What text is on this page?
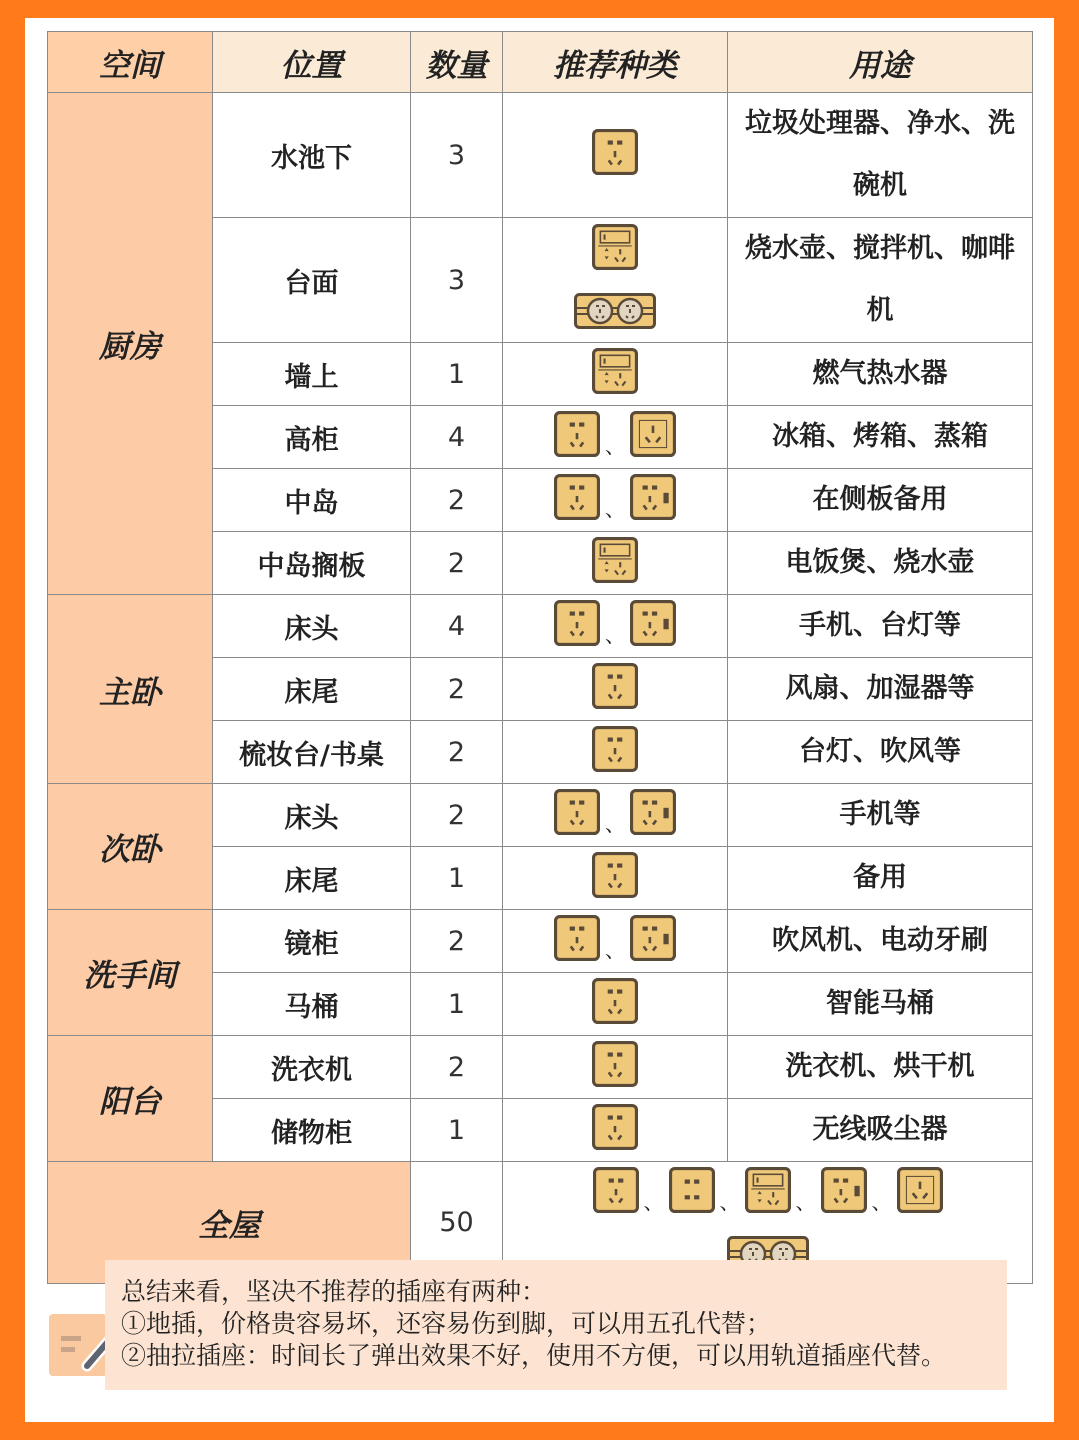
空间	位置	数量	推荐种类	用途
厨房	水池下	3		垃圾处理器、净水、洗碗机
	台面	3		烧水壶、搅拌机、咖啡机
	墙上	1		燃气热水器
	高柜	4	、	冰箱、烤箱、蒸箱
	中岛	2	、	在侧板备用
	中岛搁板	2		电饭煲、烧水壶
主卧	床头	4	、	手机、台灯等
	床尾	2		风扇、加湿器等
	梳妆台/书桌	2		台灯、吹风等
次卧	床头	2	、	手机等
	床尾	1		备用
洗手间	镜柜	2	、	吹风机、电动牙刷
	马桶	1		智能马桶
阳台	洗衣机	2		洗衣机、烘干机
	储物柜	1		无线吸尘器
全屋		50	、 、 、 、	
总结来看，坚决不推荐的插座有两种：
①地插，价格贵容易坏，还容易伤到脚，可以用五孔代替；
②抽拉插座：时间长了弹出效果不好，使用不方便，可以用轨道插座代替。
